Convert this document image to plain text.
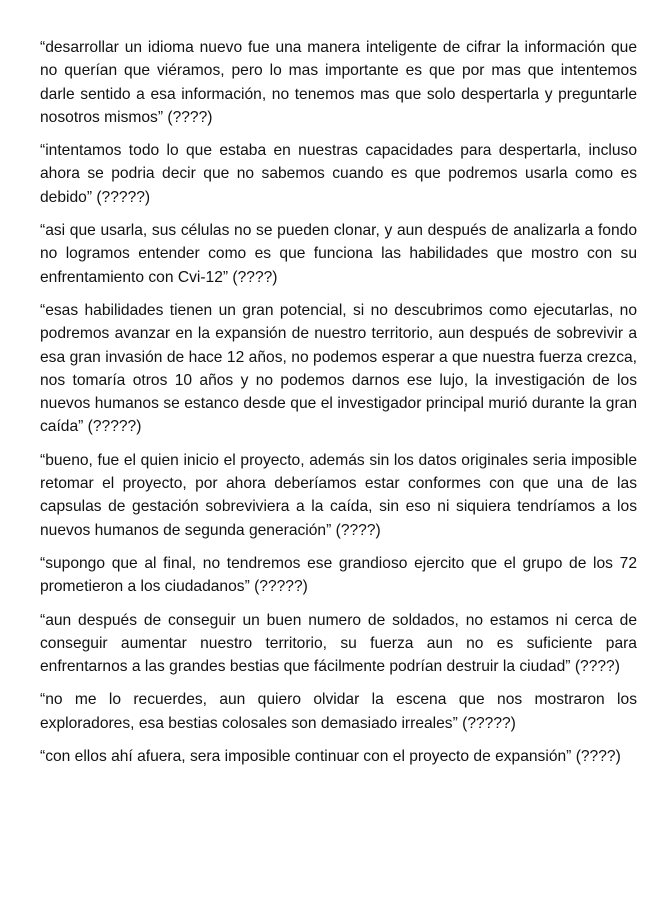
“desarrollar un idioma nuevo fue una manera inteligente de cifrar la información que no querían que viéramos, pero lo mas importante es que por mas que intentemos darle sentido a esa información, no tenemos mas que solo despertarla y preguntarle nosotros mismos” (????)

“intentamos todo lo que estaba en nuestras capacidades para despertarla, incluso ahora se podria decir que no sabemos cuando es que podremos usarla como es debido” (?????)

“asi que usarla, sus células no se pueden clonar, y aun después de analizarla a fondo no logramos entender como es que funciona las habilidades que mostro con su enfrentamiento con Cvi-12” (????)

“esas habilidades tienen un gran potencial, si no descubrimos como ejecutarlas, no podremos avanzar en la expansión de nuestro territorio, aun después de sobrevivir a esa gran invasión de hace 12 años, no podemos esperar a que nuestra fuerza crezca, nos tomaría otros 10 años y no podemos darnos ese lujo, la investigación de los nuevos humanos se estanco desde que el investigador principal murió durante la gran caída” (?????)

“bueno, fue el quien inicio el proyecto, además sin los datos originales seria imposible retomar el proyecto, por ahora deberíamos estar conformes con que una de las capsulas de gestación sobreviviera a la caída, sin eso ni siquiera tendríamos a los nuevos humanos de segunda generación” (????)

“supongo que al final, no tendremos ese grandioso ejercito que el grupo de los 72 prometieron a los ciudadanos” (?????)

“aun después de conseguir un buen numero de soldados, no estamos ni cerca de conseguir aumentar nuestro territorio, su fuerza aun no es suficiente para enfrentarnos a las grandes bestias que fácilmente podrían destruir la ciudad” (????)

“no me lo recuerdes, aun quiero olvidar la escena que nos mostraron los exploradores, esa bestias colosales son demasiado irreales” (?????)

“con ellos ahí afuera, sera imposible continuar con el proyecto de expansión” (????)
